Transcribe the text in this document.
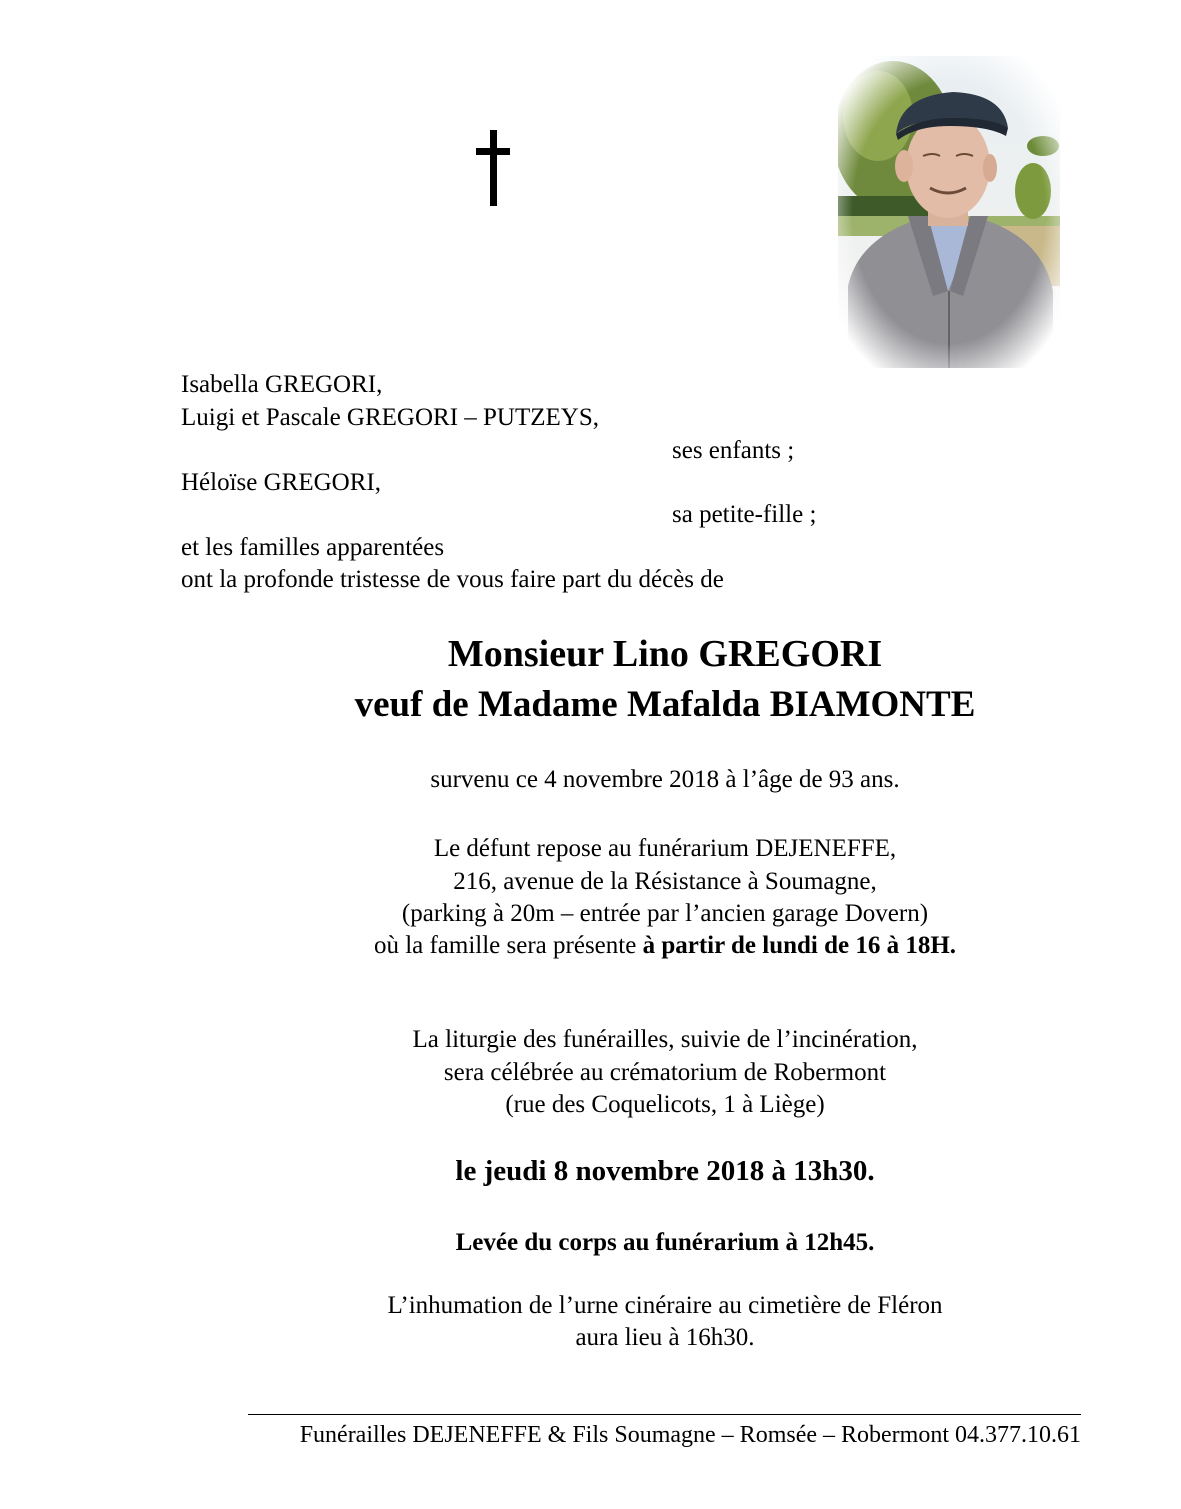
Isabella GREGORI,
Luigi et Pascale GREGORI – PUTZEYS,
ses enfants ;
Héloïse GREGORI,
sa petite-fille ;
et les familles apparentées
ont la profonde tristesse de vous faire part du décès de
Monsieur Lino GREGORI
veuf de Madame Mafalda BIAMONTE
survenu ce 4 novembre 2018 à l’âge de 93 ans.
Le défunt repose au funérarium DEJENEFFE,
216, avenue de la Résistance à Soumagne,
(parking à 20m – entrée par l’ancien garage Dovern)
où la famille sera présente à partir de lundi de 16 à 18H.
La liturgie des funérailles, suivie de l’incinération,
sera célébrée au crématorium de Robermont
(rue des Coquelicots, 1 à Liège)
le jeudi 8 novembre 2018 à 13h30.
Levée du corps au funérarium à 12h45.
L’inhumation de l’urne cinéraire au cimetière de Fléron
aura lieu à 16h30.
Funérailles DEJENEFFE & Fils Soumagne – Romsée – Robermont 04.377.10.61
